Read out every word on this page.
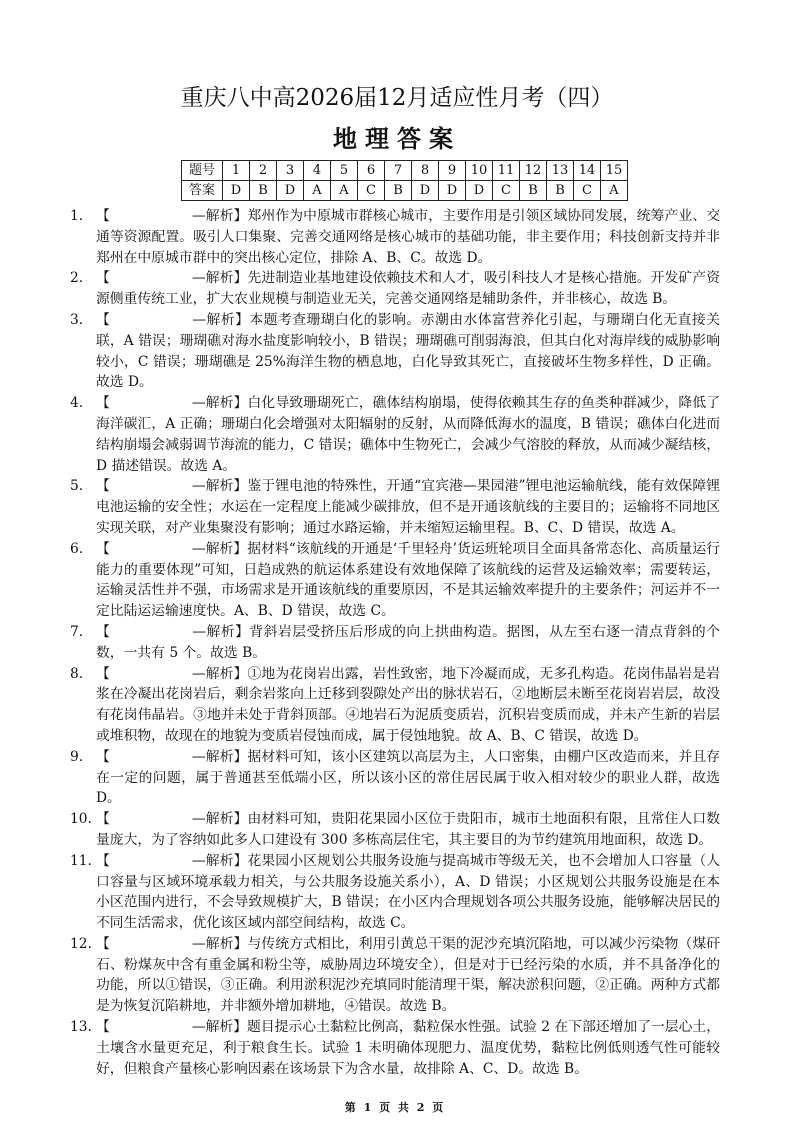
重庆八中高2026届12月适应性月考（四）
地理答案
题号	1	2	3	4	5	6	7	8	9	10	11	12	13	14	15
答案	D	B	D	A	A	C	B	D	D	D	C	B	B	C	A
1. 【	—解析】郑州作为中原城市群核心城市，主要作用是引领区域协同发展，统筹产业、交通等资源配置。吸引人口集聚、完善交通网络是核心城市的基础功能，非主要作用；科技创新支持并非郑州在中原城市群中的突出核心定位，排除 A、B、C。故选 D。
2. 【	—解析】先进制造业基地建设依赖技术和人才，吸引科技人才是核心措施。开发矿产资源侧重传统工业，扩大农业规模与制造业无关，完善交通网络是辅助条件，并非核心，故选 B。
3. 【	—解析】本题考查珊瑚白化的影响。赤潮由水体富营养化引起，与珊瑚白化无直接关联，A 错误；珊瑚礁对海水盐度影响较小，B 错误；珊瑚礁可削弱海浪，但其白化对海岸线的威胁影响较小，C 错误；珊瑚礁是 25%海洋生物的栖息地，白化导致其死亡，直接破坏生物多样性，D 正确。故选 D。
4. 【	—解析】白化导致珊瑚死亡，礁体结构崩塌，使得依赖其生存的鱼类种群减少，降低了海洋碳汇，A 正确；珊瑚白化会增强对太阳辐射的反射，从而降低海水的温度，B 错误；礁体白化进而结构崩塌会减弱调节海流的能力，C 错误；礁体中生物死亡，会减少气溶胶的释放，从而减少凝结核，D 描述错误。故选 A。
5. 【	—解析】鉴于锂电池的特殊性，开通“宜宾港—果园港”锂电池运输航线，能有效保障锂电池运输的安全性；水运在一定程度上能减少碳排放，但不是开通该航线的主要目的；运输将不同地区实现关联，对产业集聚没有影响；通过水路运输，并未缩短运输里程。B、C、D 错误，故选 A。
6. 【	—解析】据材料“该航线的开通是‘千里轻舟’货运班轮项目全面具备常态化、高质量运行能力的重要体现”可知，日趋成熟的航运体系建设有效地保障了该航线的运营及运输效率；需要转运，运输灵活性并不强，市场需求是开通该航线的重要原因，不是其运输效率提升的主要条件；河运并不一定比陆运运输速度快。A、B、D 错误，故选 C。
7. 【	—解析】背斜岩层受挤压后形成的向上拱曲构造。据图，从左至右逐一清点背斜的个数，一共有 5 个。故选 B。
8. 【	—解析】①地为花岗岩出露，岩性致密，地下冷凝而成，无多孔构造。花岗伟晶岩是岩浆在冷凝出花岗岩后，剩余岩浆向上迁移到裂隙处产出的脉状岩石，②地断层未断至花岗岩岩层，故没有花岗伟晶岩。③地并未处于背斜顶部。④地岩石为泥质变质岩，沉积岩变质而成，并未产生新的岩层或堆积物，故现在的地貌为变质岩侵蚀而成，属于侵蚀地貌。故 A、B、C 错误，故选 D。
9. 【	—解析】据材料可知，该小区建筑以高层为主，人口密集，由棚户区改造而来，并且存在一定的问题，属于普通甚至低端小区，所以该小区的常住居民属于收入相对较少的职业人群，故选 D。
10. 【	—解析】由材料可知，贵阳花果园小区位于贵阳市，城市土地面积有限，且常住人口数量庞大，为了容纳如此多人口建设有 300 多栋高层住宅，其主要目的为节约建筑用地面积，故选 D。
11. 【	—解析】花果园小区规划公共服务设施与提高城市等级无关，也不会增加人口容量（人口容量与区域环境承载力相关，与公共服务设施关系小），A、D 错误；小区规划公共服务设施是在本小区范围内进行，不会导致规模扩大，B 错误；在小区内合理规划各项公共服务设施，能够解决居民的不同生活需求，优化该区域内部空间结构，故选 C。
12. 【	—解析】与传统方式相比，利用引黄总干渠的泥沙充填沉陷地，可以减少污染物（煤矸石、粉煤灰中含有重金属和粉尘等，威胁周边环境安全），但是对于已经污染的水质，并不具备净化的功能，所以①错误，③正确。利用淤积泥沙充填同时能清理干渠，解决淤积问题，②正确。两种方式都是为恢复沉陷耕地，并非额外增加耕地，④错误。故选 B。
13. 【	—解析】题目提示心土黏粒比例高，黏粒保水性强。试验 2 在下部还增加了一层心土，土壤含水量更充足，利于粮食生长。试验 1 未明确体现肥力、温度优势，黏粒比例低则透气性可能较好，但粮食产量核心影响因素在该场景下为含水量，故排除 A、C、D。故选 B。
第 1 页 共 2 页
